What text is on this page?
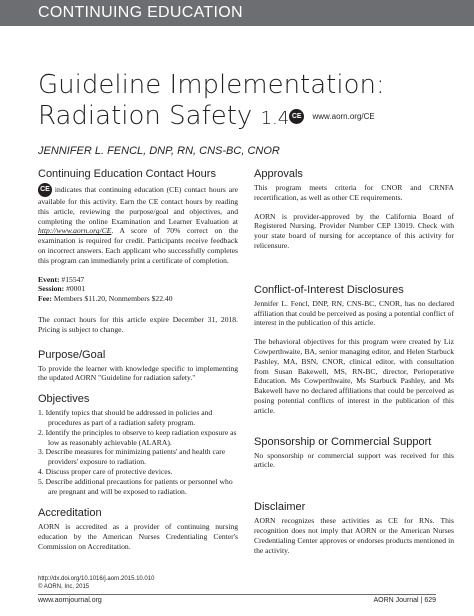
CONTINUING EDUCATION
Guideline Implementation:
Radiation Safety 1.4 CE www.aorn.org/CE
JENNIFER L. FENCL, DNP, RN, CNS-BC, CNOR
Continuing Education Contact Hours

CE indicates that continuing education (CE) contact hours are available for this activity. Earn the CE contact hours by reading this article, reviewing the purpose/goal and objectives, and completing the online Examination and Learner Evaluation at http://www.aorn.org/CE. A score of 70% correct on the examination is required for credit. Participants receive feedback on incorrect answers. Each applicant who successfully completes this program can immediately print a certificate of completion.

Event: #15547
Session: #0001
Fee: Members $11.20, Nonmembers $22.40

The contact hours for this article expire December 31, 2018. Pricing is subject to change.

Purpose/Goal

To provide the learner with knowledge specific to implementing the updated AORN "Guideline for radiation safety."

Objectives
1. Identify topics that should be addressed in policies and procedures as part of a radiation safety program.
2. Identify the principles to observe to keep radiation exposure as low as reasonably achievable (ALARA).
3. Describe measures for minimizing patients' and health care providers' exposure to radiation.
4. Discuss proper care of protective devices.
5. Describe additional precautions for patients or personnel who are pregnant and will be exposed to radiation.
Accreditation

AORN is accredited as a provider of continuing nursing education by the American Nurses Credentialing Center's Commission on Accreditation.

Approvals

This program meets criteria for CNOR and CRNFA recertification, as well as other CE requirements.

AORN is provider-approved by the California Board of Registered Nursing, Provider Number CEP 13019. Check with your state board of nursing for acceptance of this activity for relicensure.

Conflict-of-Interest Disclosures

Jennifer L. Fencl, DNP, RN, CNS-BC, CNOR, has no declared affiliation that could be perceived as posing a potential conflict of interest in the publication of this article.

The behavioral objectives for this program were created by Liz Cowperthwaite, BA, senior managing editor, and Helen Starbuck Pashley, MA, BSN, CNOR, clinical editor, with consultation from Susan Bakewell, MS, RN-BC, director, Perioperative Education. Ms Cowperthwaite, Ms Starbuck Pashley, and Ms Bakewell have no declared affiliations that could be perceived as posing potential conflicts of interest in the publication of this article.

Sponsorship or Commercial Support

No sponsorship or commercial support was received for this article.

Disclaimer

AORN recognizes these activities as CE for RNs. This recognition does not imply that AORN or the American Nurses Credentialing Center approves or endorses products mentioned in the activity.

http://dx.doi.org/10.1016/j.aorn.2015.10.010
© AORN, Inc, 2015
www.aornjournal.org	AORN Journal | 629
